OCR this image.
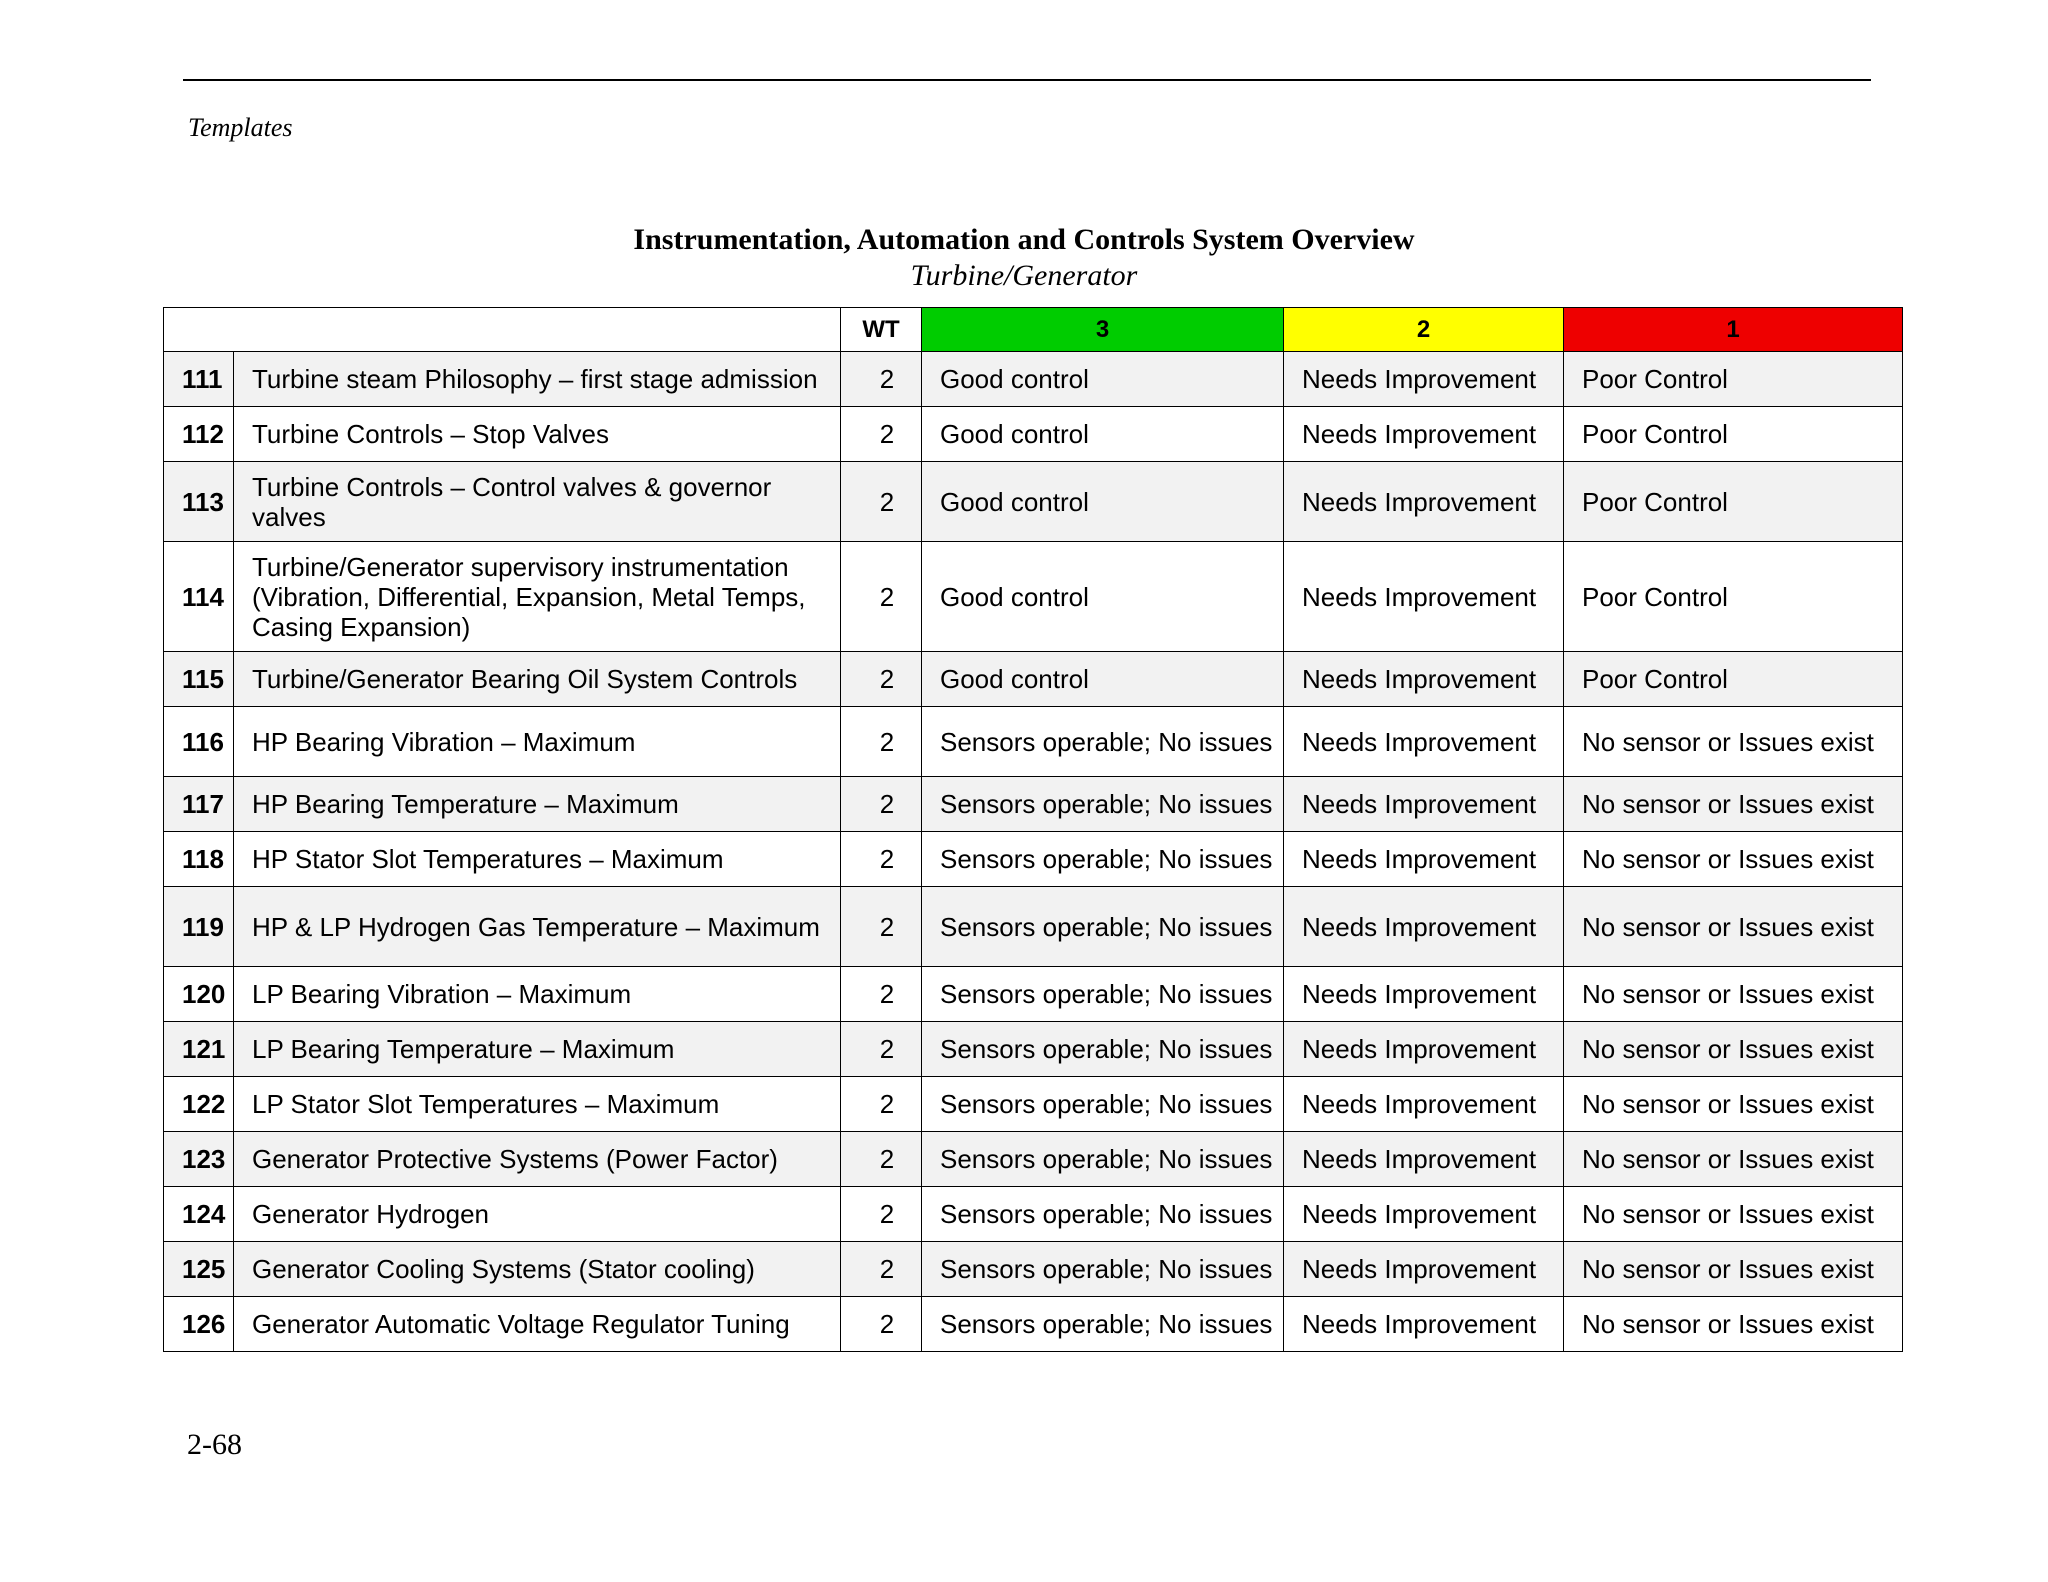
Templates
Instrumentation, Automation and Controls System Overview
Turbine/Generator
		WT	3	2	1
111	Turbine steam Philosophy – first stage admission	2	Good control	Needs Improvement	Poor Control
112	Turbine Controls – Stop Valves	2	Good control	Needs Improvement	Poor Control
113	Turbine Controls – Control valves & governor valves	2	Good control	Needs Improvement	Poor Control
114	Turbine/Generator supervisory instrumentation (Vibration, Differential, Expansion, Metal Temps, Casing Expansion)	2	Good control	Needs Improvement	Poor Control
115	Turbine/Generator Bearing Oil System Controls	2	Good control	Needs Improvement	Poor Control
116	HP Bearing Vibration – Maximum	2	Sensors operable; No issues	Needs Improvement	No sensor or Issues exist
117	HP Bearing Temperature – Maximum	2	Sensors operable; No issues	Needs Improvement	No sensor or Issues exist
118	HP Stator Slot Temperatures – Maximum	2	Sensors operable; No issues	Needs Improvement	No sensor or Issues exist
119	HP & LP Hydrogen Gas Temperature – Maximum	2	Sensors operable; No issues	Needs Improvement	No sensor or Issues exist
120	LP Bearing Vibration – Maximum	2	Sensors operable; No issues	Needs Improvement	No sensor or Issues exist
121	LP Bearing Temperature – Maximum	2	Sensors operable; No issues	Needs Improvement	No sensor or Issues exist
122	LP Stator Slot Temperatures – Maximum	2	Sensors operable; No issues	Needs Improvement	No sensor or Issues exist
123	Generator Protective Systems (Power Factor)	2	Sensors operable; No issues	Needs Improvement	No sensor or Issues exist
124	Generator Hydrogen	2	Sensors operable; No issues	Needs Improvement	No sensor or Issues exist
125	Generator Cooling Systems (Stator cooling)	2	Sensors operable; No issues	Needs Improvement	No sensor or Issues exist
126	Generator Automatic Voltage Regulator Tuning	2	Sensors operable; No issues	Needs Improvement	No sensor or Issues exist
2-68
